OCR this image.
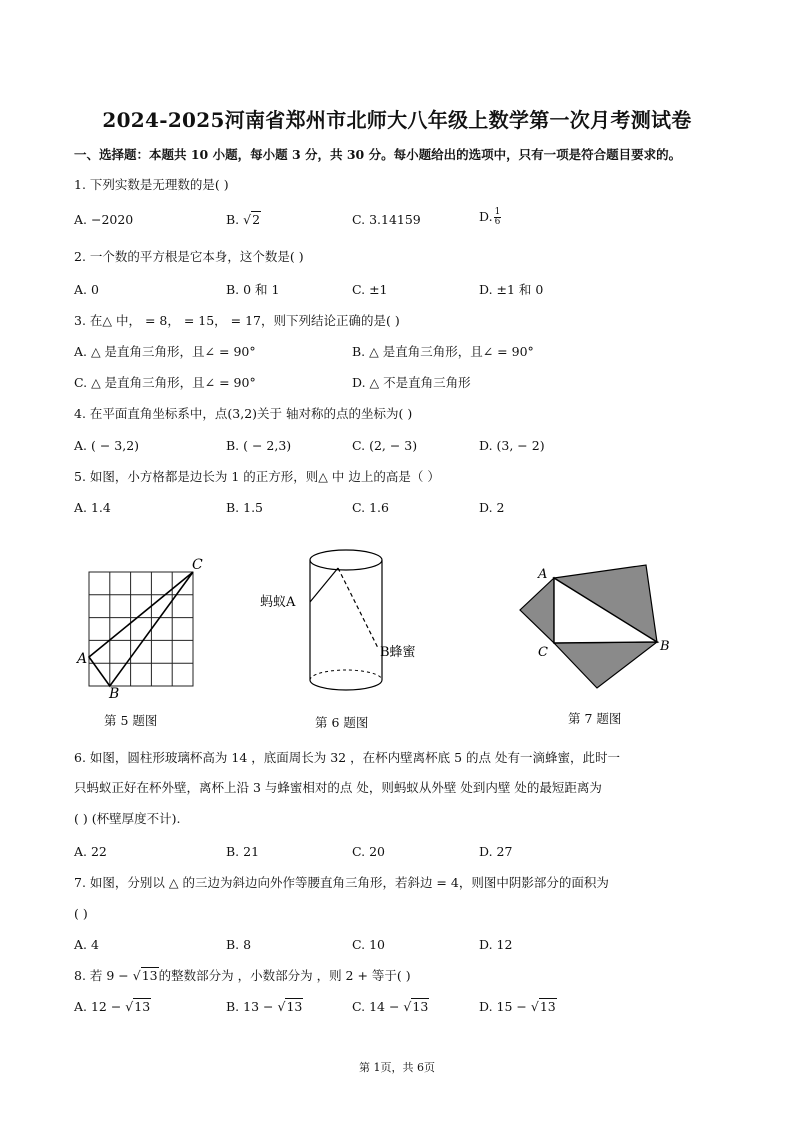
2024-2025河南省郑州市北师大八年级上数学第一次月考测试卷
一、选择题：本题共 10 小题，每小题 3 分，共 30 分。每小题给出的选项中，只有一项是符合题目要求的。
1. 下列实数是无理数的是( )
A. −2020	B. √2	C. 3.14159	D. $\frac{1}{6}$
2. 一个数的平方根是它本身，这个数是( )
A. 0	B. 0 和 1	C. ±1	D. ±1 和 0
3. 在△ 中， = 8， = 15， = 17，则下列结论正确的是( )
A. △ 是直角三角形，且∠ = 90°	B. △ 是直角三角形，且∠ = 90°
C. △ 是直角三角形，且∠ = 90°	D. △ 不是直角三角形
4. 在平面直角坐标系中，点(3,2)关于 轴对称的点的坐标为( )
A. ( − 3,2)	B. ( − 2,3)	C. (2, − 3)	D. (3, − 2)
5. 如图，小方格都是边长为 1 的正方形，则△ 中 边上的高是（ ）
A. 1.4	B. 1.5	C. 1.6	D. 2
A
B
C
第 5 题图
蚂蚁A
B蜂蜜
第 6 题图
A
B
C
第 7 题图
6. 如图，圆柱形玻璃杯高为 14 ，底面周长为 32 ，在杯内壁离杯底 5 的点 处有一滴蜂蜜，此时一
只蚂蚁正好在杯外壁，离杯上沿 3 与蜂蜜相对的点 处，则蚂蚁从外壁 处到内壁 处的最短距离为
( ) (杯壁厚度不计).
A. 22	B. 21	C. 20	D. 27
7. 如图，分别以 △ 的三边为斜边向外作等腰直角三角形，若斜边 = 4，则图中阴影部分的面积为
( )
A. 4	B. 8	C. 10	D. 12
8. 若 9 − √13的整数部分为 ，小数部分为 ，则 2 + 等于( )
A. 12 − √13	B. 13 − √13	C. 14 − √13	D. 15 − √13
第 1页，共 6页
